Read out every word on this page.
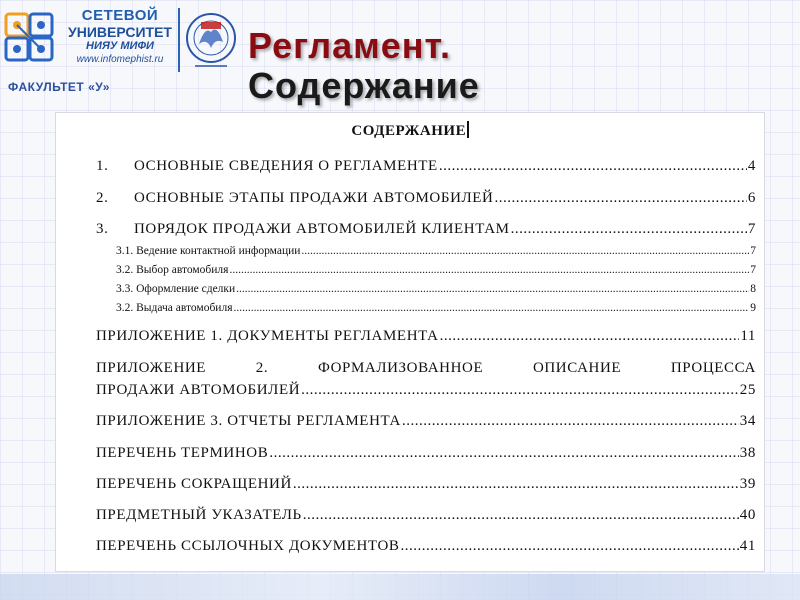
СЕТЕВОЙ
УНИВЕРСИТЕТ
НИЯУ МИФИ
www.infomephist.ru
ФАКУЛЬТЕТ «У»
Регламент.
Содержание
СОДЕРЖАНИЕ
1.	ОСНОВНЫЕ СВЕДЕНИЯ О РЕГЛАМЕНТЕ .....	4
2.	ОСНОВНЫЕ ЭТАПЫ ПРОДАЖИ АВТОМОБИЛЕЙ .....	6
3.	ПОРЯДОК ПРОДАЖИ АВТОМОБИЛЕЙ КЛИЕНТАМ .....	7
3.1. Ведение контактной информации .....	7
3.2. Выбор автомобиля .....	7
3.3. Оформление сделки .....	8
3.2. Выдача автомобиля .....	9
ПРИЛОЖЕНИЕ 1. ДОКУМЕНТЫ РЕГЛАМЕНТА .....	11
ПРИЛОЖЕНИЕ	2.	ФОРМАЛИЗОВАННОЕ	ОПИСАНИЕ	ПРОЦЕССА
ПРОДАЖИ АВТОМОБИЛЕЙ .....	25
ПРИЛОЖЕНИЕ 3. ОТЧЕТЫ РЕГЛАМЕНТА .....	34
ПЕРЕЧЕНЬ ТЕРМИНОВ .....	38
ПЕРЕЧЕНЬ СОКРАЩЕНИЙ .....	39
ПРЕДМЕТНЫЙ УКАЗАТЕЛЬ .....	40
ПЕРЕЧЕНЬ ССЫЛОЧНЫХ ДОКУМЕНТОВ .....	41
